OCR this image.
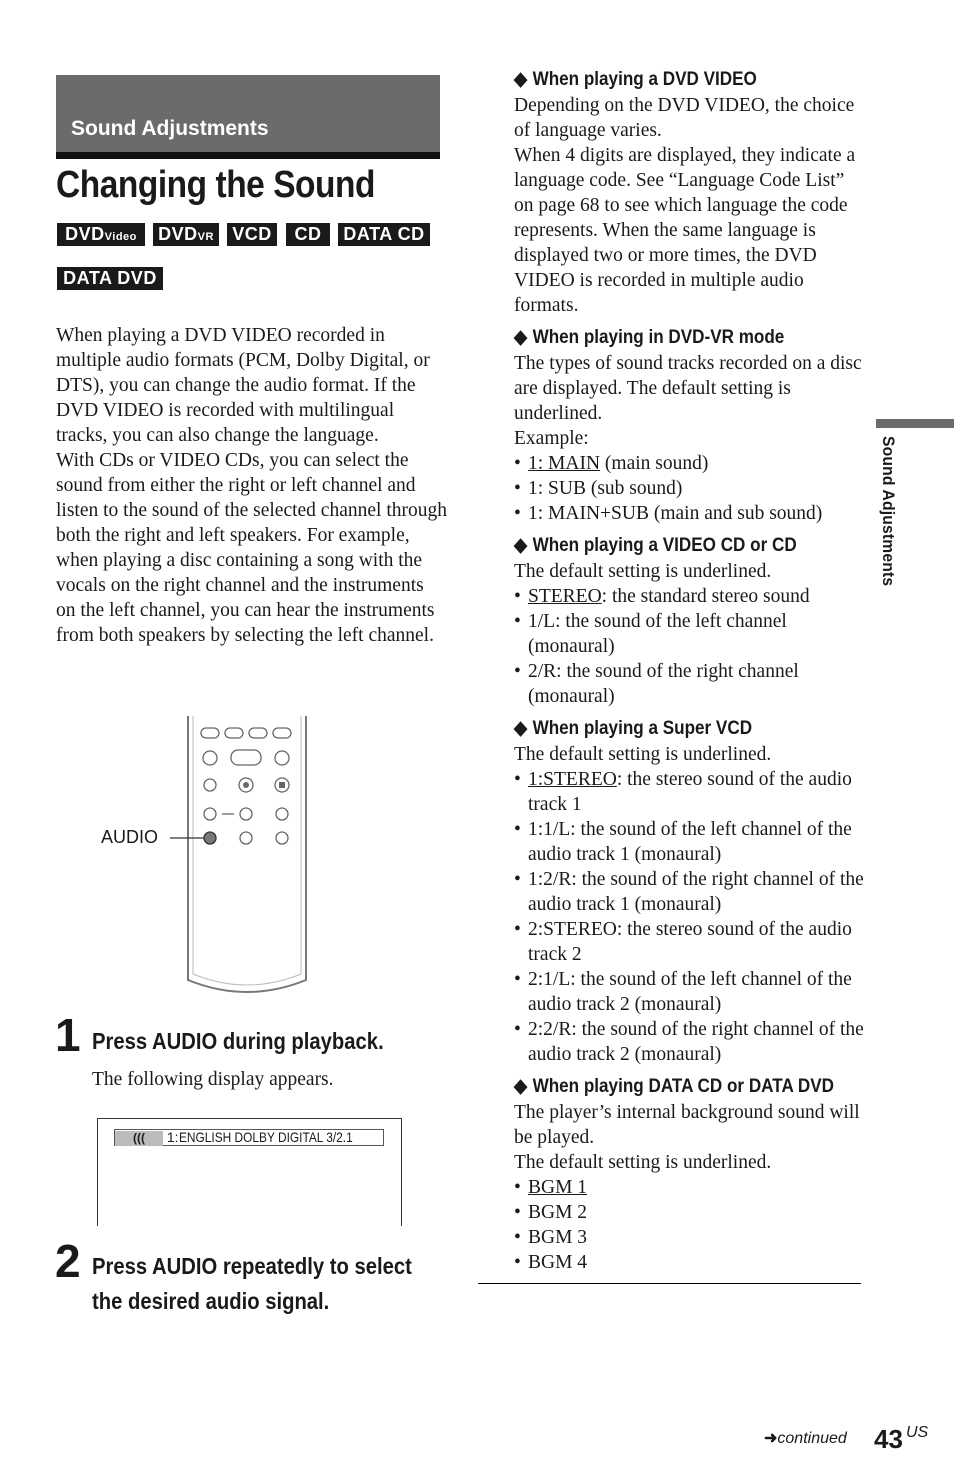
Sound Adjustments
Changing the Sound
DVDVideo	DVDVR VCD	CD	DATA CD
DATA DVD
When playing a DVD VIDEO recorded in multiple audio formats (PCM, Dolby Digital, or DTS), you can change the audio format. If the DVD VIDEO is recorded with multilingual tracks, you can also change the language.
With CDs or VIDEO CDs, you can select the sound from either the right or left channel and listen to the sound of the selected channel through both the right and left speakers. For example, when playing a disc containing a song with the vocals on the right channel and the instruments on the left channel, you can hear the instruments from both speakers by selecting the left channel.
AUDIO
1 Press AUDIO during playback.
The following display appears.
((( 1:ENGLISH DOLBY DIGITAL 3/2.1
2 Press AUDIO repeatedly to select
the desired audio signal.
◆ When playing a DVD VIDEO

Depending on the DVD VIDEO, the choice of language varies.

When 4 digits are displayed, they indicate a language code. See “Language Code List” on page 68 to see which language the code represents. When the same language is displayed two or more times, the DVD VIDEO is recorded in multiple audio formats.

◆ When playing in DVD-VR mode

The types of sound tracks recorded on a disc are displayed. The default setting is underlined.

Example:

• 1: MAIN (main sound)
• 1: SUB (sub sound)
• 1: MAIN+SUB (main and sub sound)
◆ When playing a VIDEO CD or CD

The default setting is underlined.

• STEREO: the standard stereo sound
• 1/L: the sound of the left channel (monaural)
• 2/R: the sound of the right channel (monaural)
◆ When playing a Super VCD

The default setting is underlined.

• 1:STEREO: the stereo sound of the audio track 1
• 1:1/L: the sound of the left channel of the audio track 1 (monaural)
• 1:2/R: the sound of the right channel of the audio track 1 (monaural)
• 2:STEREO: the stereo sound of the audio track 2
• 2:1/L: the sound of the left channel of the audio track 2 (monaural)
• 2:2/R: the sound of the right channel of the audio track 2 (monaural)
◆ When playing DATA CD or DATA DVD

The player’s internal background sound will be played.

The default setting is underlined.

• BGM 1
• BGM 2
• BGM 3
• BGM 4
Sound Adjustments
➜continued 43 US
